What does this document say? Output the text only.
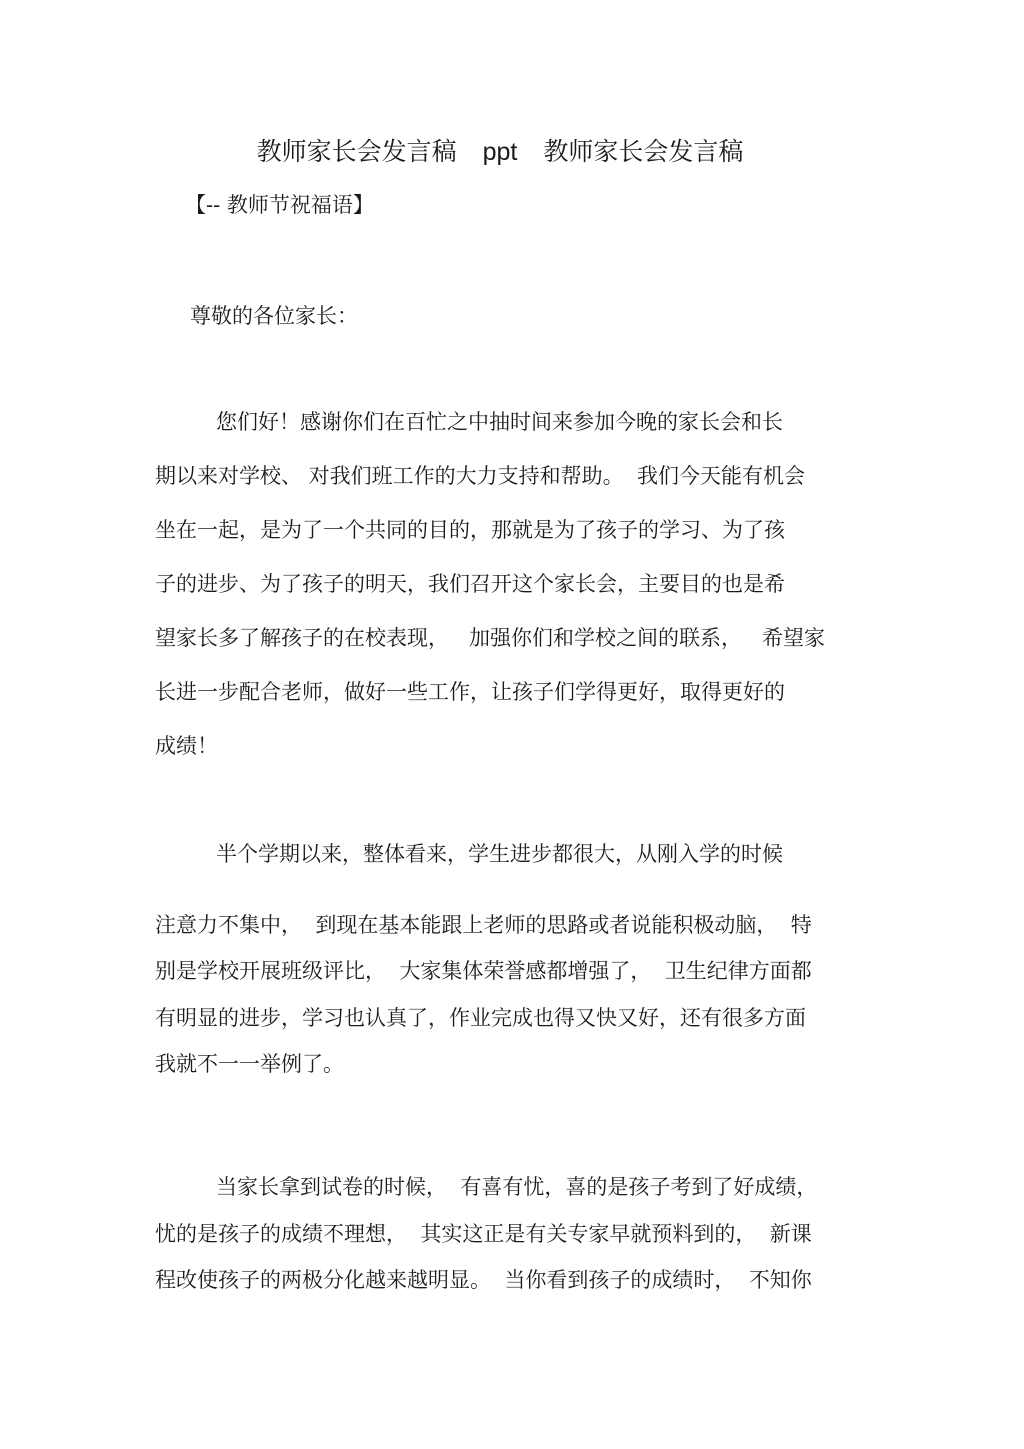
教师家长会发言稿 ppt 教师家长会发言稿
【-- 教师节祝福语】
尊敬的各位家长：
您们好！感谢你们在百忙之中抽时间来参加今晚的家长会和长
期以来对学校、 对我们班工作的大力支持和帮助。  我们今天能有机会
坐在一起，是为了一个共同的目的，那就是为了孩子的学习、为了孩
子的进步、为了孩子的明天，我们召开这个家长会，主要目的也是希
望家长多了解孩子的在校表现，   加强你们和学校之间的联系，   希望家
长进一步配合老师，做好一些工作，让孩子们学得更好，取得更好的
成绩！
半个学期以来，整体看来，学生进步都很大，从刚入学的时候
注意力不集中，  到现在基本能跟上老师的思路或者说能积极动脑，  特
别是学校开展班级评比，  大家集体荣誉感都增强了，  卫生纪律方面都
有明显的进步，学习也认真了，作业完成也得又快又好，还有很多方面
我就不一一举例了。
当家长拿到试卷的时候，  有喜有忧，喜的是孩子考到了好成绩，
忧的是孩子的成绩不理想，  其实这正是有关专家早就预料到的，  新课
程改使孩子的两极分化越来越明显。  当你看到孩子的成绩时，  不知你
